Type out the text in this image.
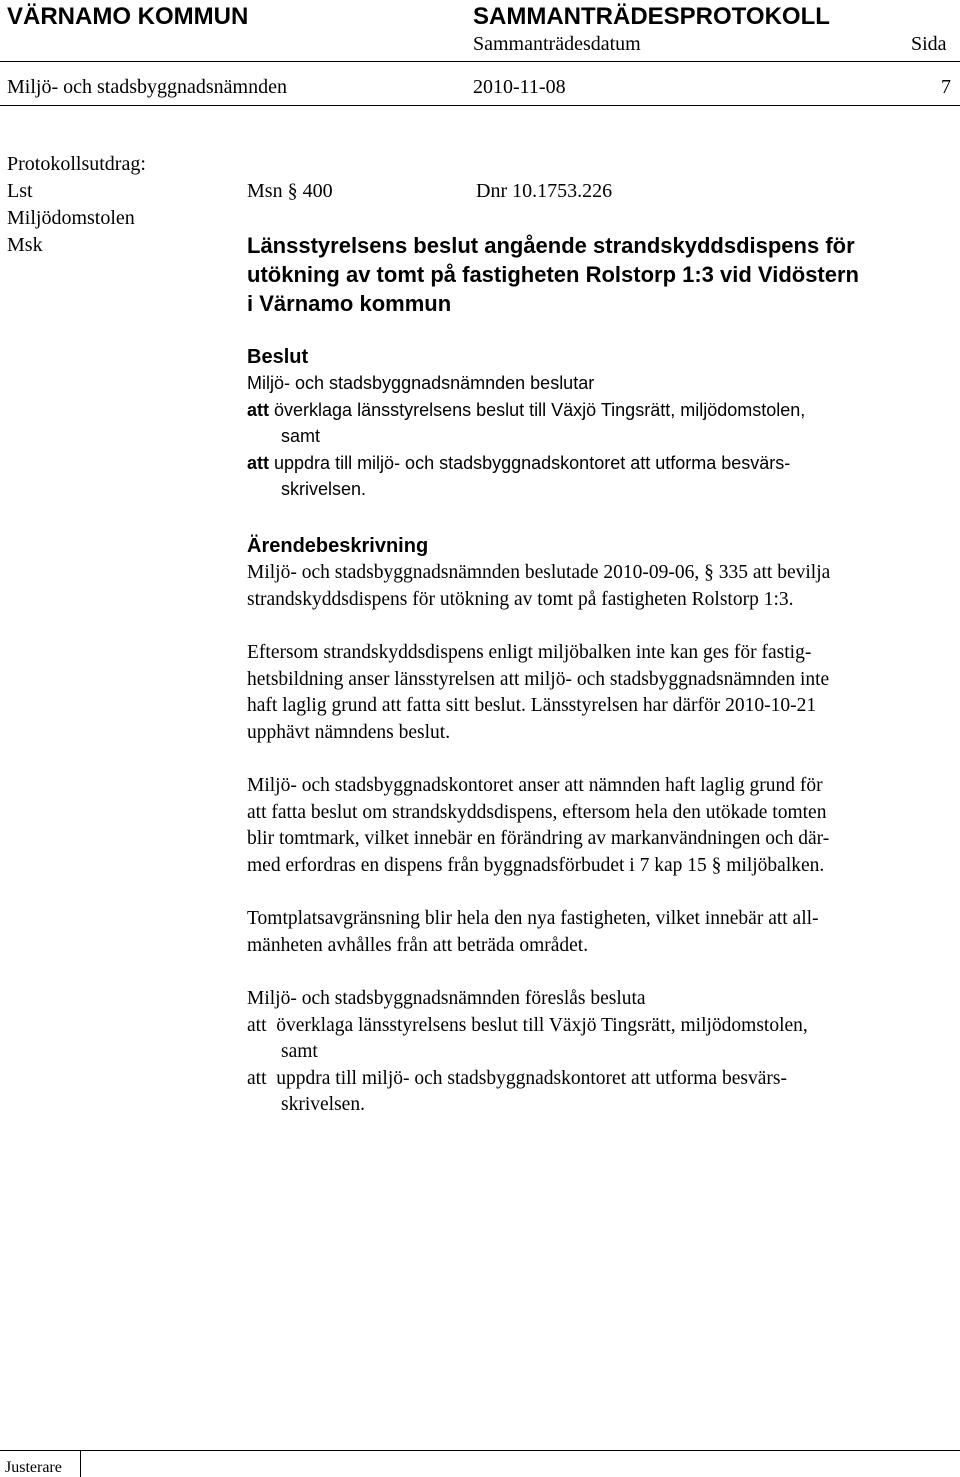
VÄRNAMO KOMMUN	SAMMANTRÄDESPROTOKOLL
Sammanträdesdatum	Sida
Miljö- och stadsbyggnadsnämnden	2010-11-08	7
Protokollsutdrag:
Lst
Miljödomstolen
Msk
Msn § 400	Dnr 10.1753.226
Länsstyrelsens beslut angående strandskyddsdispens för
utökning av tomt på fastigheten Rolstorp 1:3 vid Vidöstern
i Värnamo kommun
Beslut
Miljö- och stadsbyggnadsnämnden beslutar
att överklaga länsstyrelsens beslut till Växjö Tingsrätt, miljödomstolen,
samt
att uppdra till miljö- och stadsbyggnadskontoret att utforma besvärs-
skrivelsen.
Ärendebeskrivning
Miljö- och stadsbyggnadsnämnden beslutade 2010-09-06, § 335 att bevilja
strandskyddsdispens för utökning av tomt på fastigheten Rolstorp 1:3.
Eftersom strandskyddsdispens enligt miljöbalken inte kan ges för fastig-
hetsbildning anser länsstyrelsen att miljö- och stadsbyggnadsnämnden inte
haft laglig grund att fatta sitt beslut. Länsstyrelsen har därför 2010-10-21
upphävt nämndens beslut.
Miljö- och stadsbyggnadskontoret anser att nämnden haft laglig grund för
att fatta beslut om strandskyddsdispens, eftersom hela den utökade tomten
blir tomtmark, vilket innebär en förändring av markanvändningen och där-
med erfordras en dispens från byggnadsförbudet i 7 kap 15 § miljöbalken.
Tomtplatsavgränsning blir hela den nya fastigheten, vilket innebär att all-
mänheten avhålles från att beträda området.
Miljö- och stadsbyggnadsnämnden föreslås besluta
att överklaga länsstyrelsens beslut till Växjö Tingsrätt, miljödomstolen,
samt
att uppdra till miljö- och stadsbyggnadskontoret att utforma besvärs-
skrivelsen.
Justerare
